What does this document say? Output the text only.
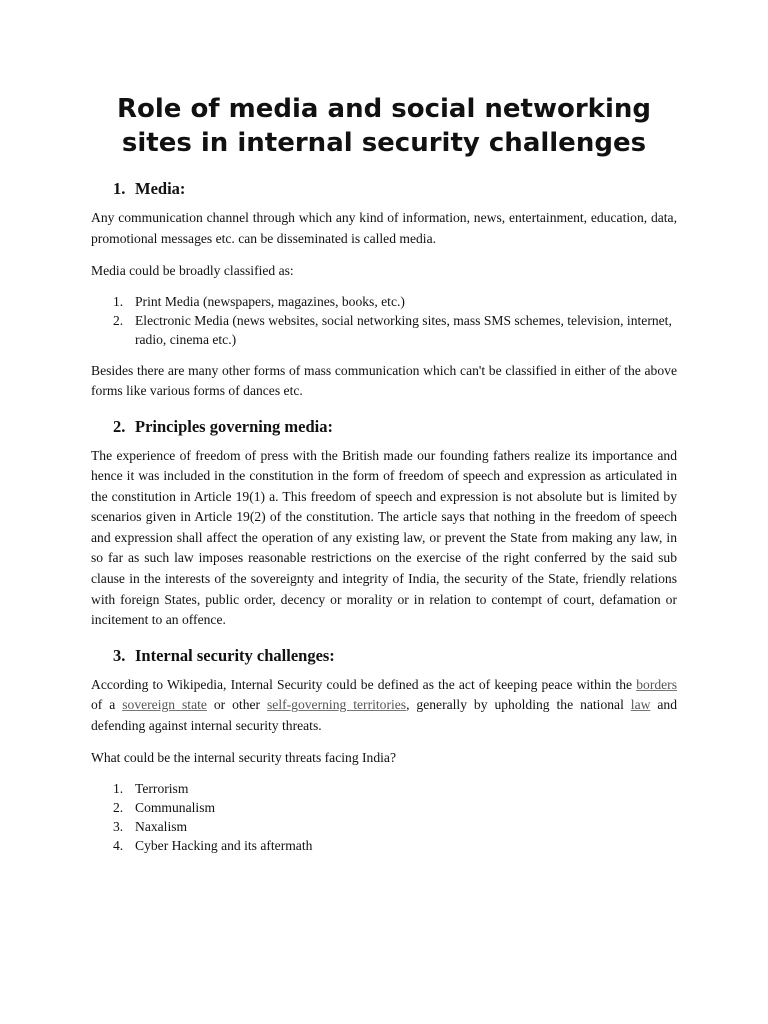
Role of media and social networking sites in internal security challenges
1. Media:

Any communication channel through which any kind of information, news, entertainment, education, data, promotional messages etc. can be disseminated is called media.

Media could be broadly classified as:

1. Print Media (newspapers, magazines, books, etc.)
2. Electronic Media (news websites, social networking sites, mass SMS schemes, television, internet, radio, cinema etc.)

Besides there are many other forms of mass communication which can't be classified in either of the above forms like various forms of dances etc.

2. Principles governing media:

The experience of freedom of press with the British made our founding fathers realize its importance and hence it was included in the constitution in the form of freedom of speech and expression as articulated in the constitution in Article 19(1) a. This freedom of speech and expression is not absolute but is limited by scenarios given in Article 19(2) of the constitution. The article says that nothing in the freedom of speech and expression shall affect the operation of any existing law, or prevent the State from making any law, in so far as such law imposes reasonable restrictions on the exercise of the right conferred by the said sub clause in the interests of the sovereignty and integrity of India, the security of the State, friendly relations with foreign States, public order, decency or morality or in relation to contempt of court, defamation or incitement to an offence.

3. Internal security challenges:

According to Wikipedia, Internal Security could be defined as the act of keeping peace within the borders of a sovereign state or other self-governing territories, generally by upholding the national law and defending against internal security threats.

What could be the internal security threats facing India?

1. Terrorism
2. Communalism
3. Naxalism
4. Cyber Hacking and its aftermath
